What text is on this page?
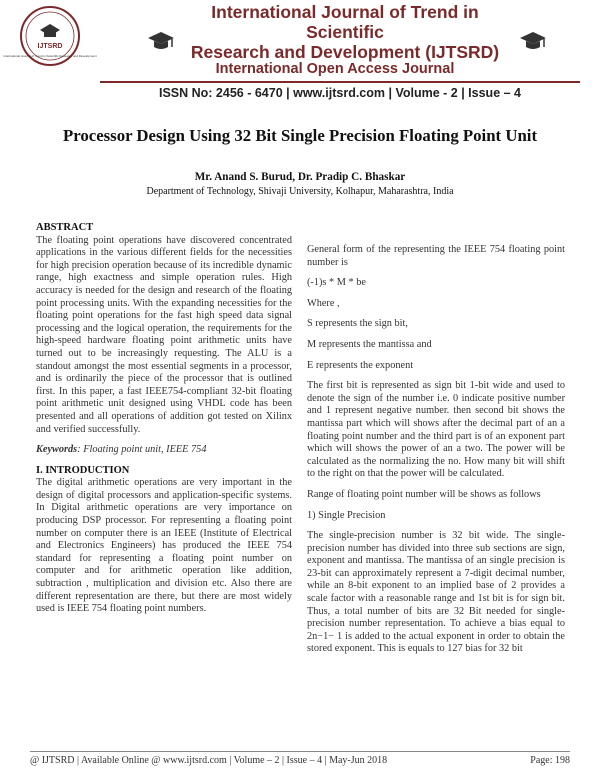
IJTSRD
International Journal of Trend in Scientific Research and Development
International Journal of Trend in Scientific
Research and Development (IJTSRD)
International Open Access Journal
ISSN No: 2456 - 6470 | www.ijtsrd.com | Volume - 2 | Issue – 4
Processor Design Using 32 Bit Single Precision Floating Point Unit
Mr. Anand S. Burud, Dr. Pradip C. Bhaskar
Department of Technology, Shivaji University, Kolhapur, Maharashtra, India

ABSTRACT

The floating point operations have discovered concentrated applications in the various different fields for the necessities for high precision operation because of its incredible dynamic range, high exactness and simple operation rules. High accuracy is needed for the design and research of the floating point processing units. With the expanding necessities for the floating point operations for the fast high speed data signal processing and the logical operation, the requirements for the high-speed hardware floating point arithmetic units have turned out to be increasingly requesting. The ALU is a standout amongst the most essential segments in a processor, and is ordinarily the piece of the processor that is outlined first. In this paper, a fast IEEE754-compliant 32-bit floating point arithmetic unit designed using VHDL code has been presented and all operations of addition got tested on Xilinx and verified successfully.

Keywords: Floating point unit, IEEE 754

I. INTRODUCTION

The digital arithmetic operations are very important in the design of digital processors and application-specific systems. In Digital arithmetic operations are very importance on producing DSP processor. For representing a floating point number on computer there is an IEEE (Institute of Electrical and Electronics Engineers) has produced the IEEE 754 standard for representing a floating point number on computer and for arithmetic operation like addition, subtraction , multiplication and division etc. Also there are different representation are there, but there are most widely used is IEEE 754 floating point numbers.

General form of the representing the IEEE 754 floating point number is

(-1)s * M * be

Where ,

S represents the sign bit,

M represents the mantissa and

E represents the exponent

The first bit is represented as sign bit 1-bit wide and used to denote the sign of the number i.e. 0 indicate positive number and 1 represent negative number. then second bit shows the mantissa part which will shows after the decimal part of an a floating point number and the third part is of an exponent part which will shows the power of an a two. The power will be calculated as the normalizing the no. How many bit will shift to the right on that the power will be calculated.

Range of floating point number will be shows as follows

1) Single Precision

The single-precision number is 32 bit wide. The single-precision number has divided into three sub sections are sign, exponent and mantissa. The mantissa of an single precision is 23-bit can approximately represent a 7-digit decimal number, while an 8-bit exponent to an implied base of 2 provides a scale factor with a reasonable range and 1st bit is for sign bit. Thus, a total number of bits are 32 Bit needed for single-precision number representation. To achieve a bias equal to 2n−1− 1 is added to the actual exponent in order to obtain the stored exponent. This is equals to 127 bias for 32 bit

@ IJTSRD | Available Online @ www.ijtsrd.com | Volume – 2 | Issue – 4 | May-Jun 2018	Page: 198
